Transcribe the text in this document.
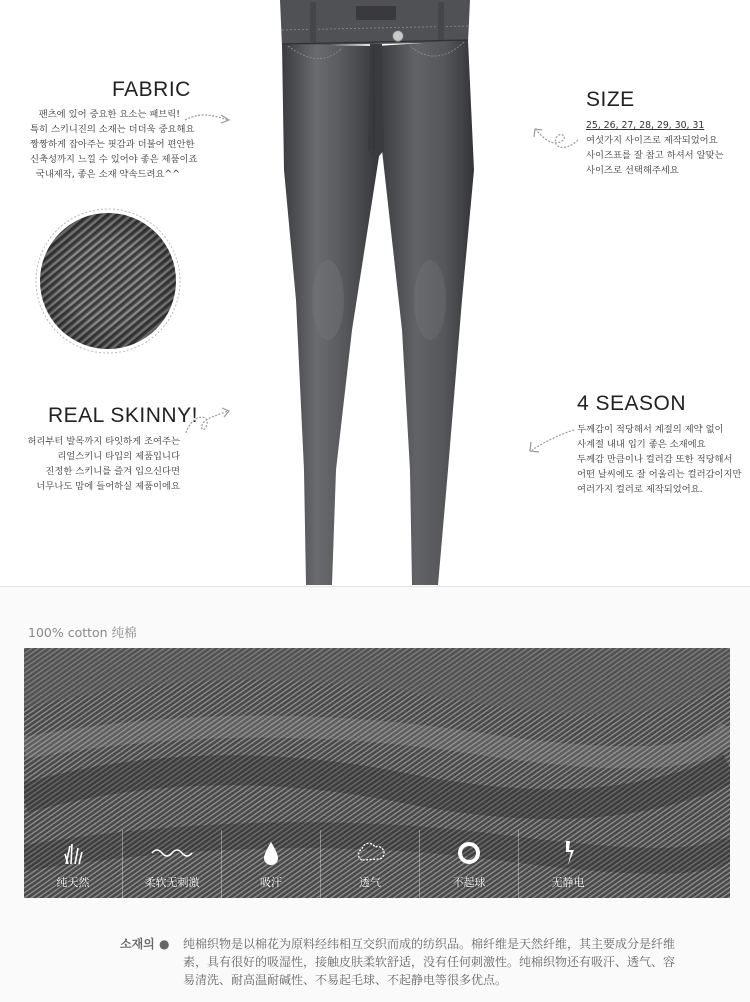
FABRIC
팬츠에 있어 중요한 요소는 패브릭!
특히 스키니진의 소재는 더더욱 중요해요
짱짱하게 잡아주는 핏감과 더불어 편안한
신축성까지 느낄 수 있어야 좋은 제품이죠
국내제작, 좋은 소재 약속드려요^^
REAL SKINNY!
허리부터 발목까지 타잇하게 조여주는
리얼스키니 타입의 제품입니다
진정한 스키니를 즐겨 입으신다면
너무나도 맘에 들어하실 제품이에요
SIZE
25, 26, 27, 28, 29, 30, 31
여섯가지 사이즈로 제작되었어요
사이즈표를 잘 참고 하셔서 알맞는
사이즈로 선택해주세요
4 SEASON
두께감이 적당해서 계절의 제약 없이
사계절 내내 입기 좋은 소재에요
두께감 만큼이나 컬러감 또한 적당해서
어떤 날씨에도 잘 어울리는 컬러감이지만
여러가지 컬러로 제작되었어요.
100% cotton 纯棉
纯天然	柔软无刺激	吸汗	透气	不起球	无静电
소재의 ● 纯棉织物是以棉花为原料经纬相互交织而成的纺织品。棉纤维是天然纤维，其主要成分是纤维
素，具有很好的吸湿性，接触皮肤柔软舒适，没有任何刺激性。纯棉织物还有吸汗、透气、容
易清洗、耐高温耐碱性、不易起毛球、不起静电等很多优点。
